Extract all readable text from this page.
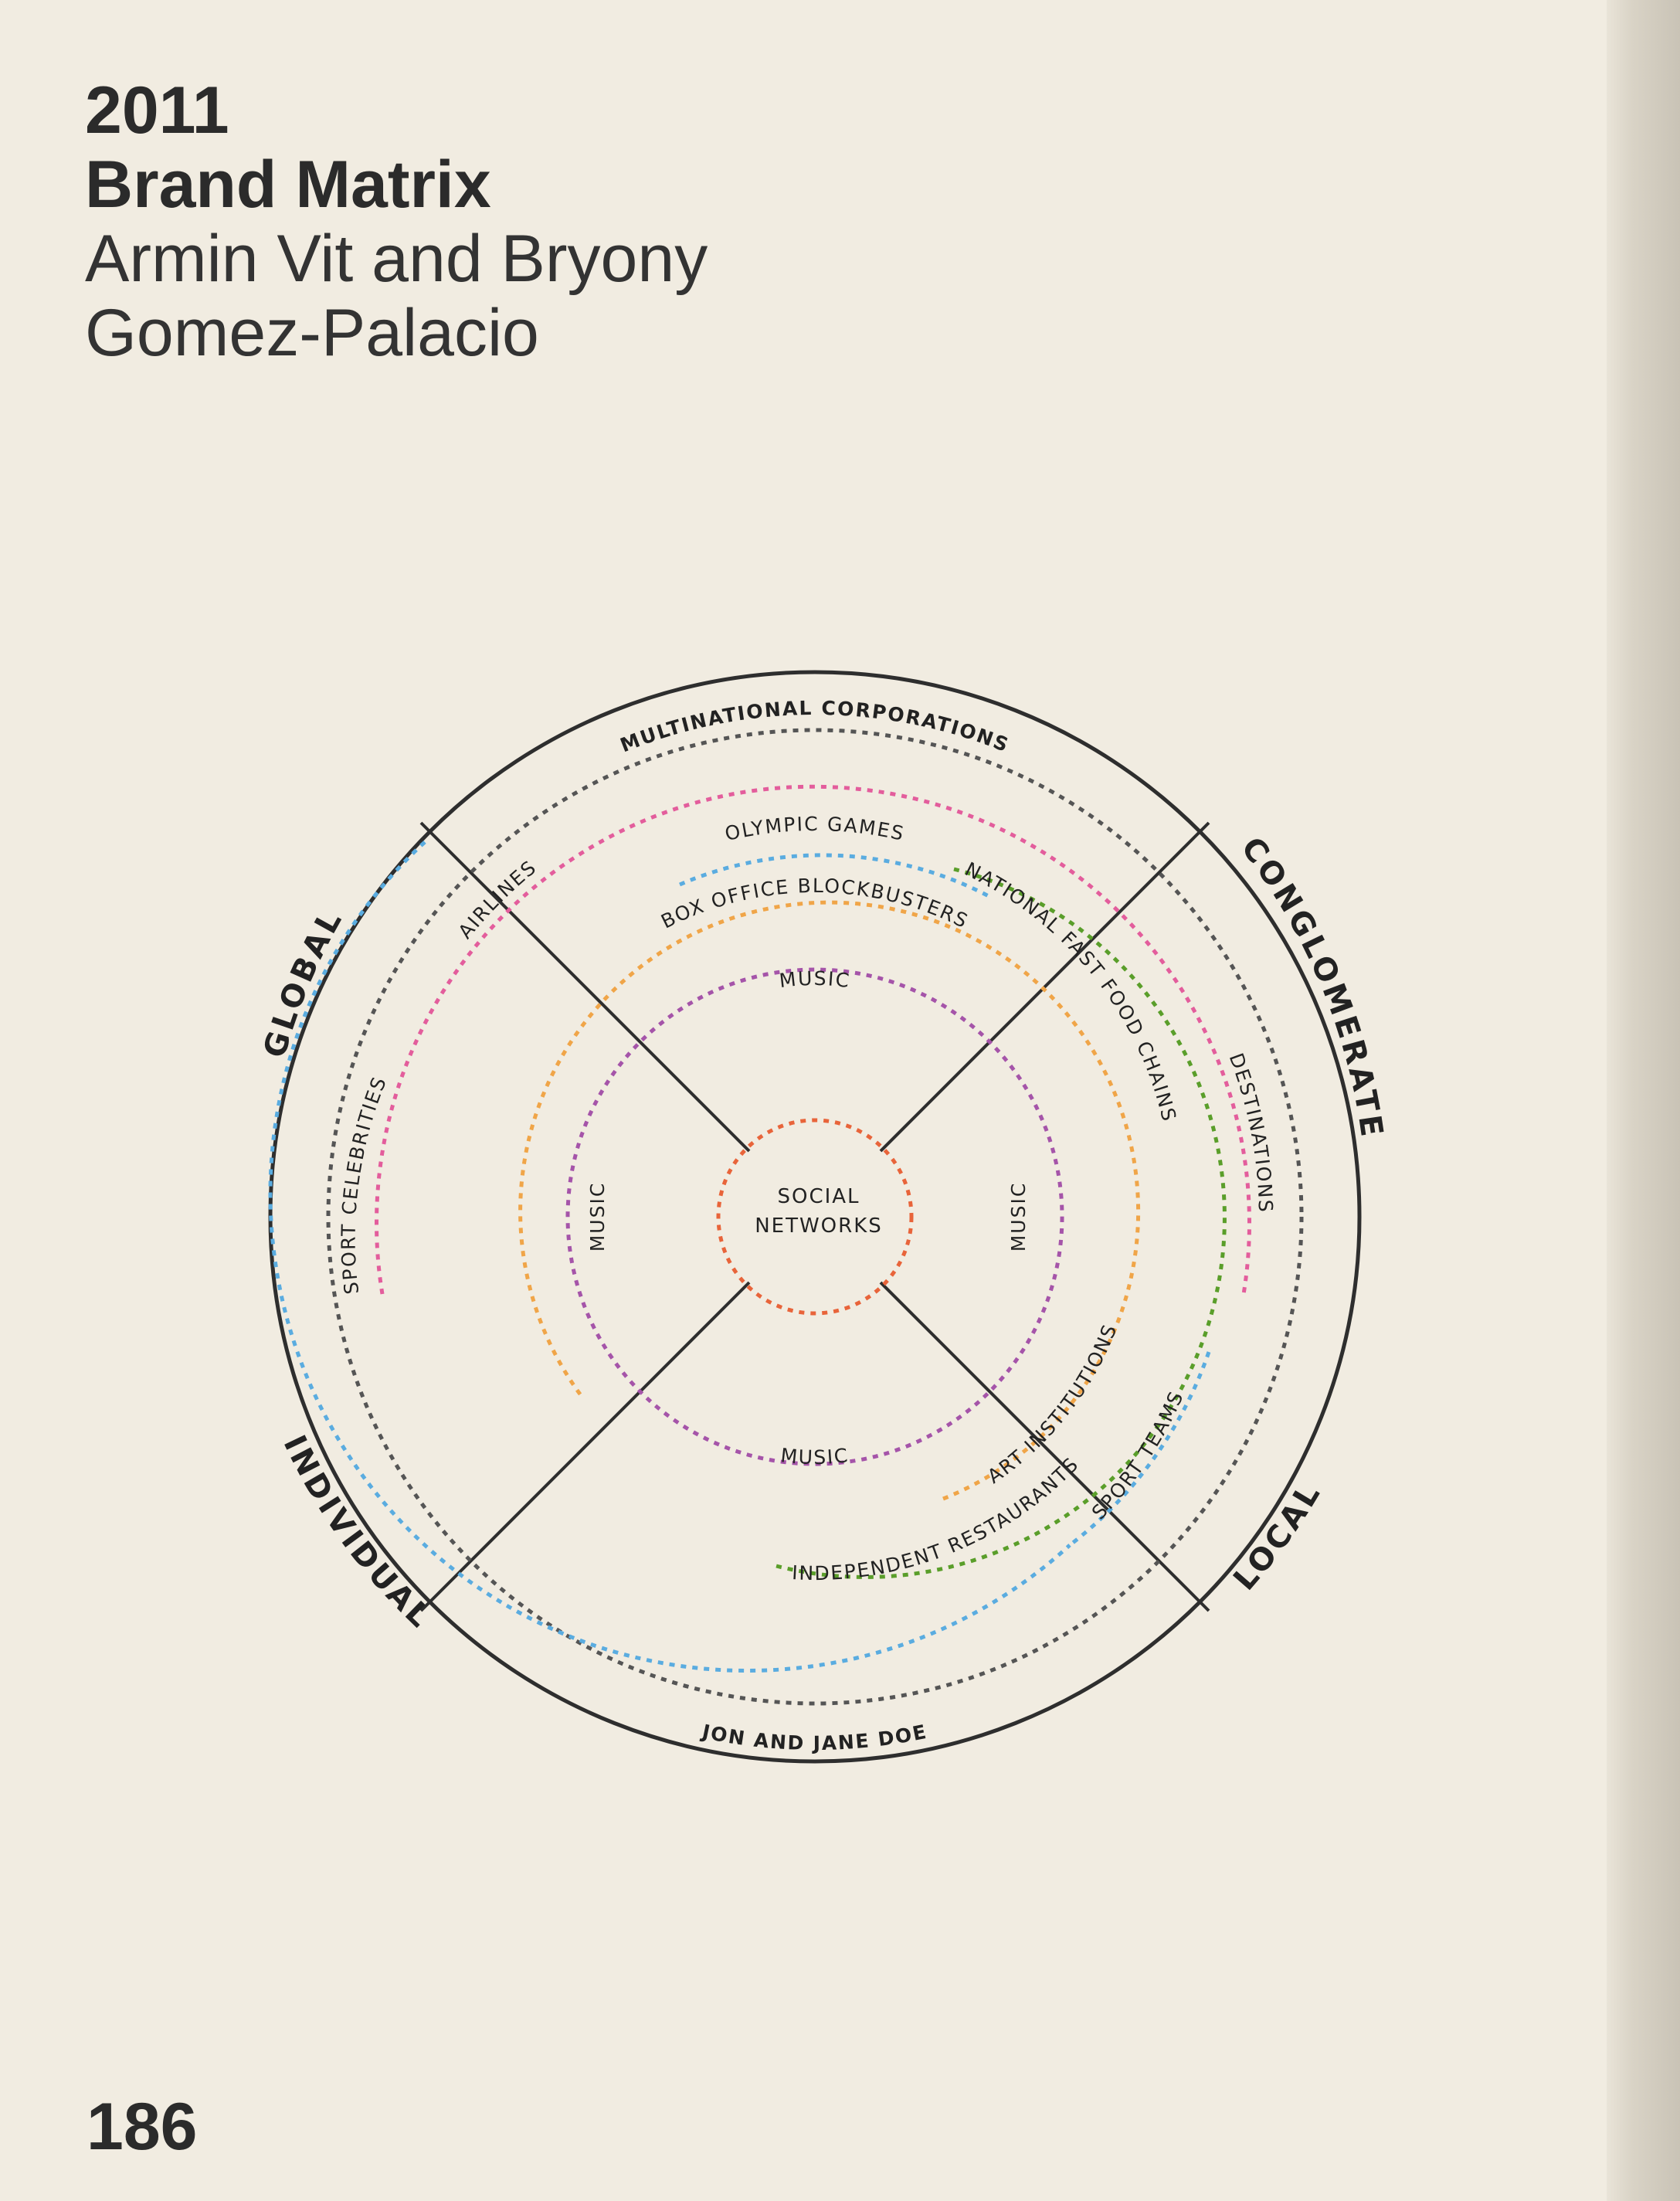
2011
Brand Matrix
Armin Vit and Bryony
Gomez-Palacio
GLOBAL
CONGLOMERATE
INDIVIDUAL
LOCAL
MULTINATIONAL CORPORATIONS
JON AND JANE DOE
AIRLINES
DESTINATIONS
OLYMPIC GAMES
SPORT CELEBRITIES
SPORT TEAMS
NATIONAL FAST FOOD CHAINS
INDEPENDENT RESTAURANTS
BOX OFFICE BLOCKBUSTERS
ART INSTITUTIONS
MUSIC
MUSIC
MUSIC	MUSIC
SOCIAL
NETWORKS
186
